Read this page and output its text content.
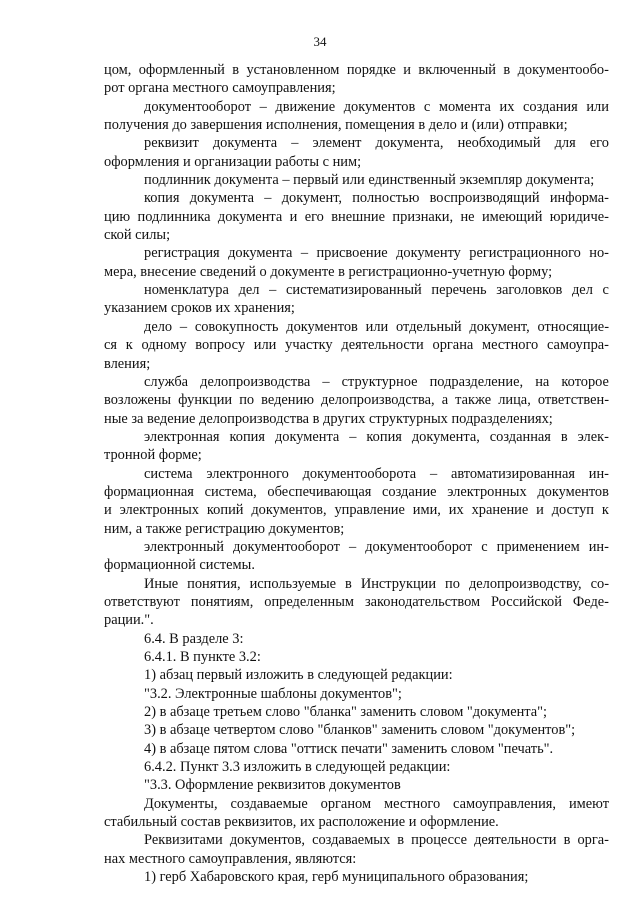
34
цом, оформленный в установленном порядке и включенный в документообо-
рот органа местного самоуправления;
документооборот – движение документов с момента их создания или
получения до завершения исполнения, помещения в дело и (или) отправки;
реквизит документа – элемент документа, необходимый для его
оформления и организации работы с ним;
подлинник документа – первый или единственный экземпляр документа;
копия документа – документ, полностью воспроизводящий информа-
цию подлинника документа и его внешние признаки, не имеющий юридиче-
ской силы;
регистрация документа – присвоение документу регистрационного но-
мера, внесение сведений о документе в регистрационно-учетную форму;
номенклатура дел – систематизированный перечень заголовков дел с
указанием сроков их хранения;
дело – совокупность документов или отдельный документ, относящие-
ся к одному вопросу или участку деятельности органа местного самоупра-
вления;
служба делопроизводства – структурное подразделение, на которое
возложены функции по ведению делопроизводства, а также лица, ответствен-
ные за ведение делопроизводства в других структурных подразделениях;
электронная копия документа – копия документа, созданная в элек-
тронной форме;
система электронного документооборота – автоматизированная ин-
формационная система, обеспечивающая создание электронных документов
и электронных копий документов, управление ими, их хранение и доступ к
ним, а также регистрацию документов;
электронный документооборот – документооборот с применением ин-
формационной системы.
Иные понятия, используемые в Инструкции по делопроизводству, со-
ответствуют понятиям, определенным законодательством Российской Феде-
рации.".
6.4. В разделе 3:
6.4.1. В пункте 3.2:
1) абзац первый изложить в следующей редакции:
"3.2. Электронные шаблоны документов";
2) в абзаце третьем слово "бланка" заменить словом "документа";
3) в абзаце четвертом слово "бланков" заменить словом "документов";
4) в абзаце пятом слова "оттиск печати" заменить словом "печать".
6.4.2. Пункт 3.3 изложить в следующей редакции:
"3.3. Оформление реквизитов документов
Документы, создаваемые органом местного самоуправления, имеют
стабильный состав реквизитов, их расположение и оформление.
Реквизитами документов, создаваемых в процессе деятельности в орга-
нах местного самоуправления, являются:
1) герб Хабаровского края, герб муниципального образования;
